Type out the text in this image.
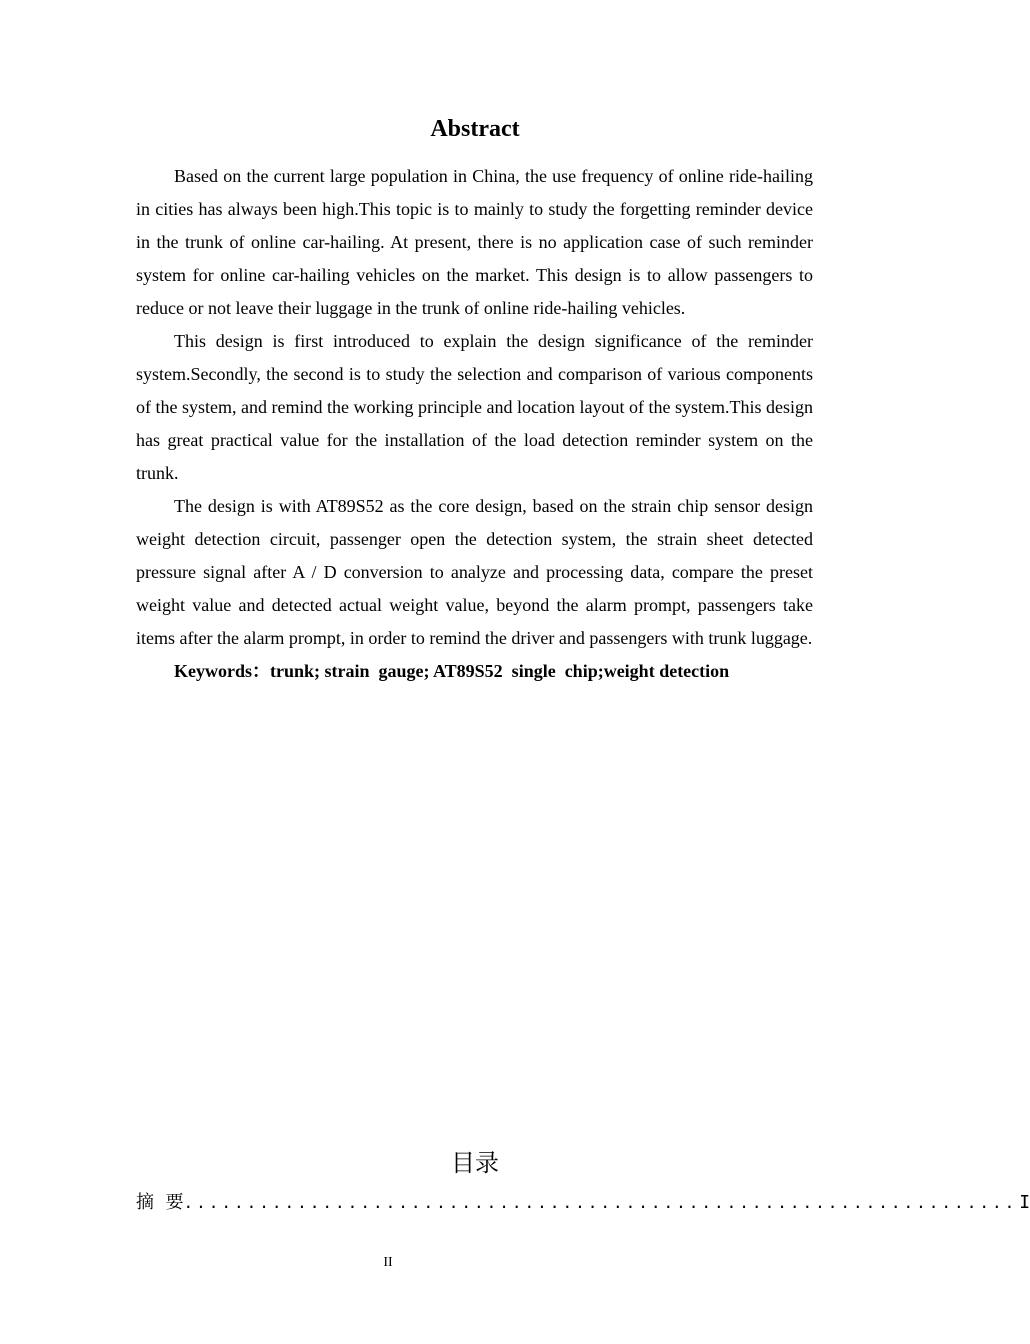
Abstract

Based on the current large population in China, the use frequency of online ride-hailing in cities has always been high.This topic is to mainly to study the forgetting reminder device in the trunk of online car-hailing. At present, there is no application case of such reminder system for online car-hailing vehicles on the market. This design is to allow passengers to reduce or not leave their luggage in the trunk of online ride-hailing vehicles.

This design is first introduced to explain the design significance of the reminder system.Secondly, the second is to study the selection and comparison of various components of the system, and remind the working principle and location layout of the system.This design has great practical value for the installation of the load detection reminder system on the trunk.

The design is with AT89S52 as the core design, based on the strain chip sensor design weight detection circuit, passenger open the detection system, the strain sheet detected pressure signal after A / D conversion to analyze and processing data, compare the preset weight value and detected actual weight value, beyond the alarm prompt, passengers take items after the alarm prompt, in order to remind the driver and passengers with trunk luggage.

Keywords：trunk; strain  gauge; AT89S52  single  chip;weight detection

目录
摘  要 .................................................................. I
II
